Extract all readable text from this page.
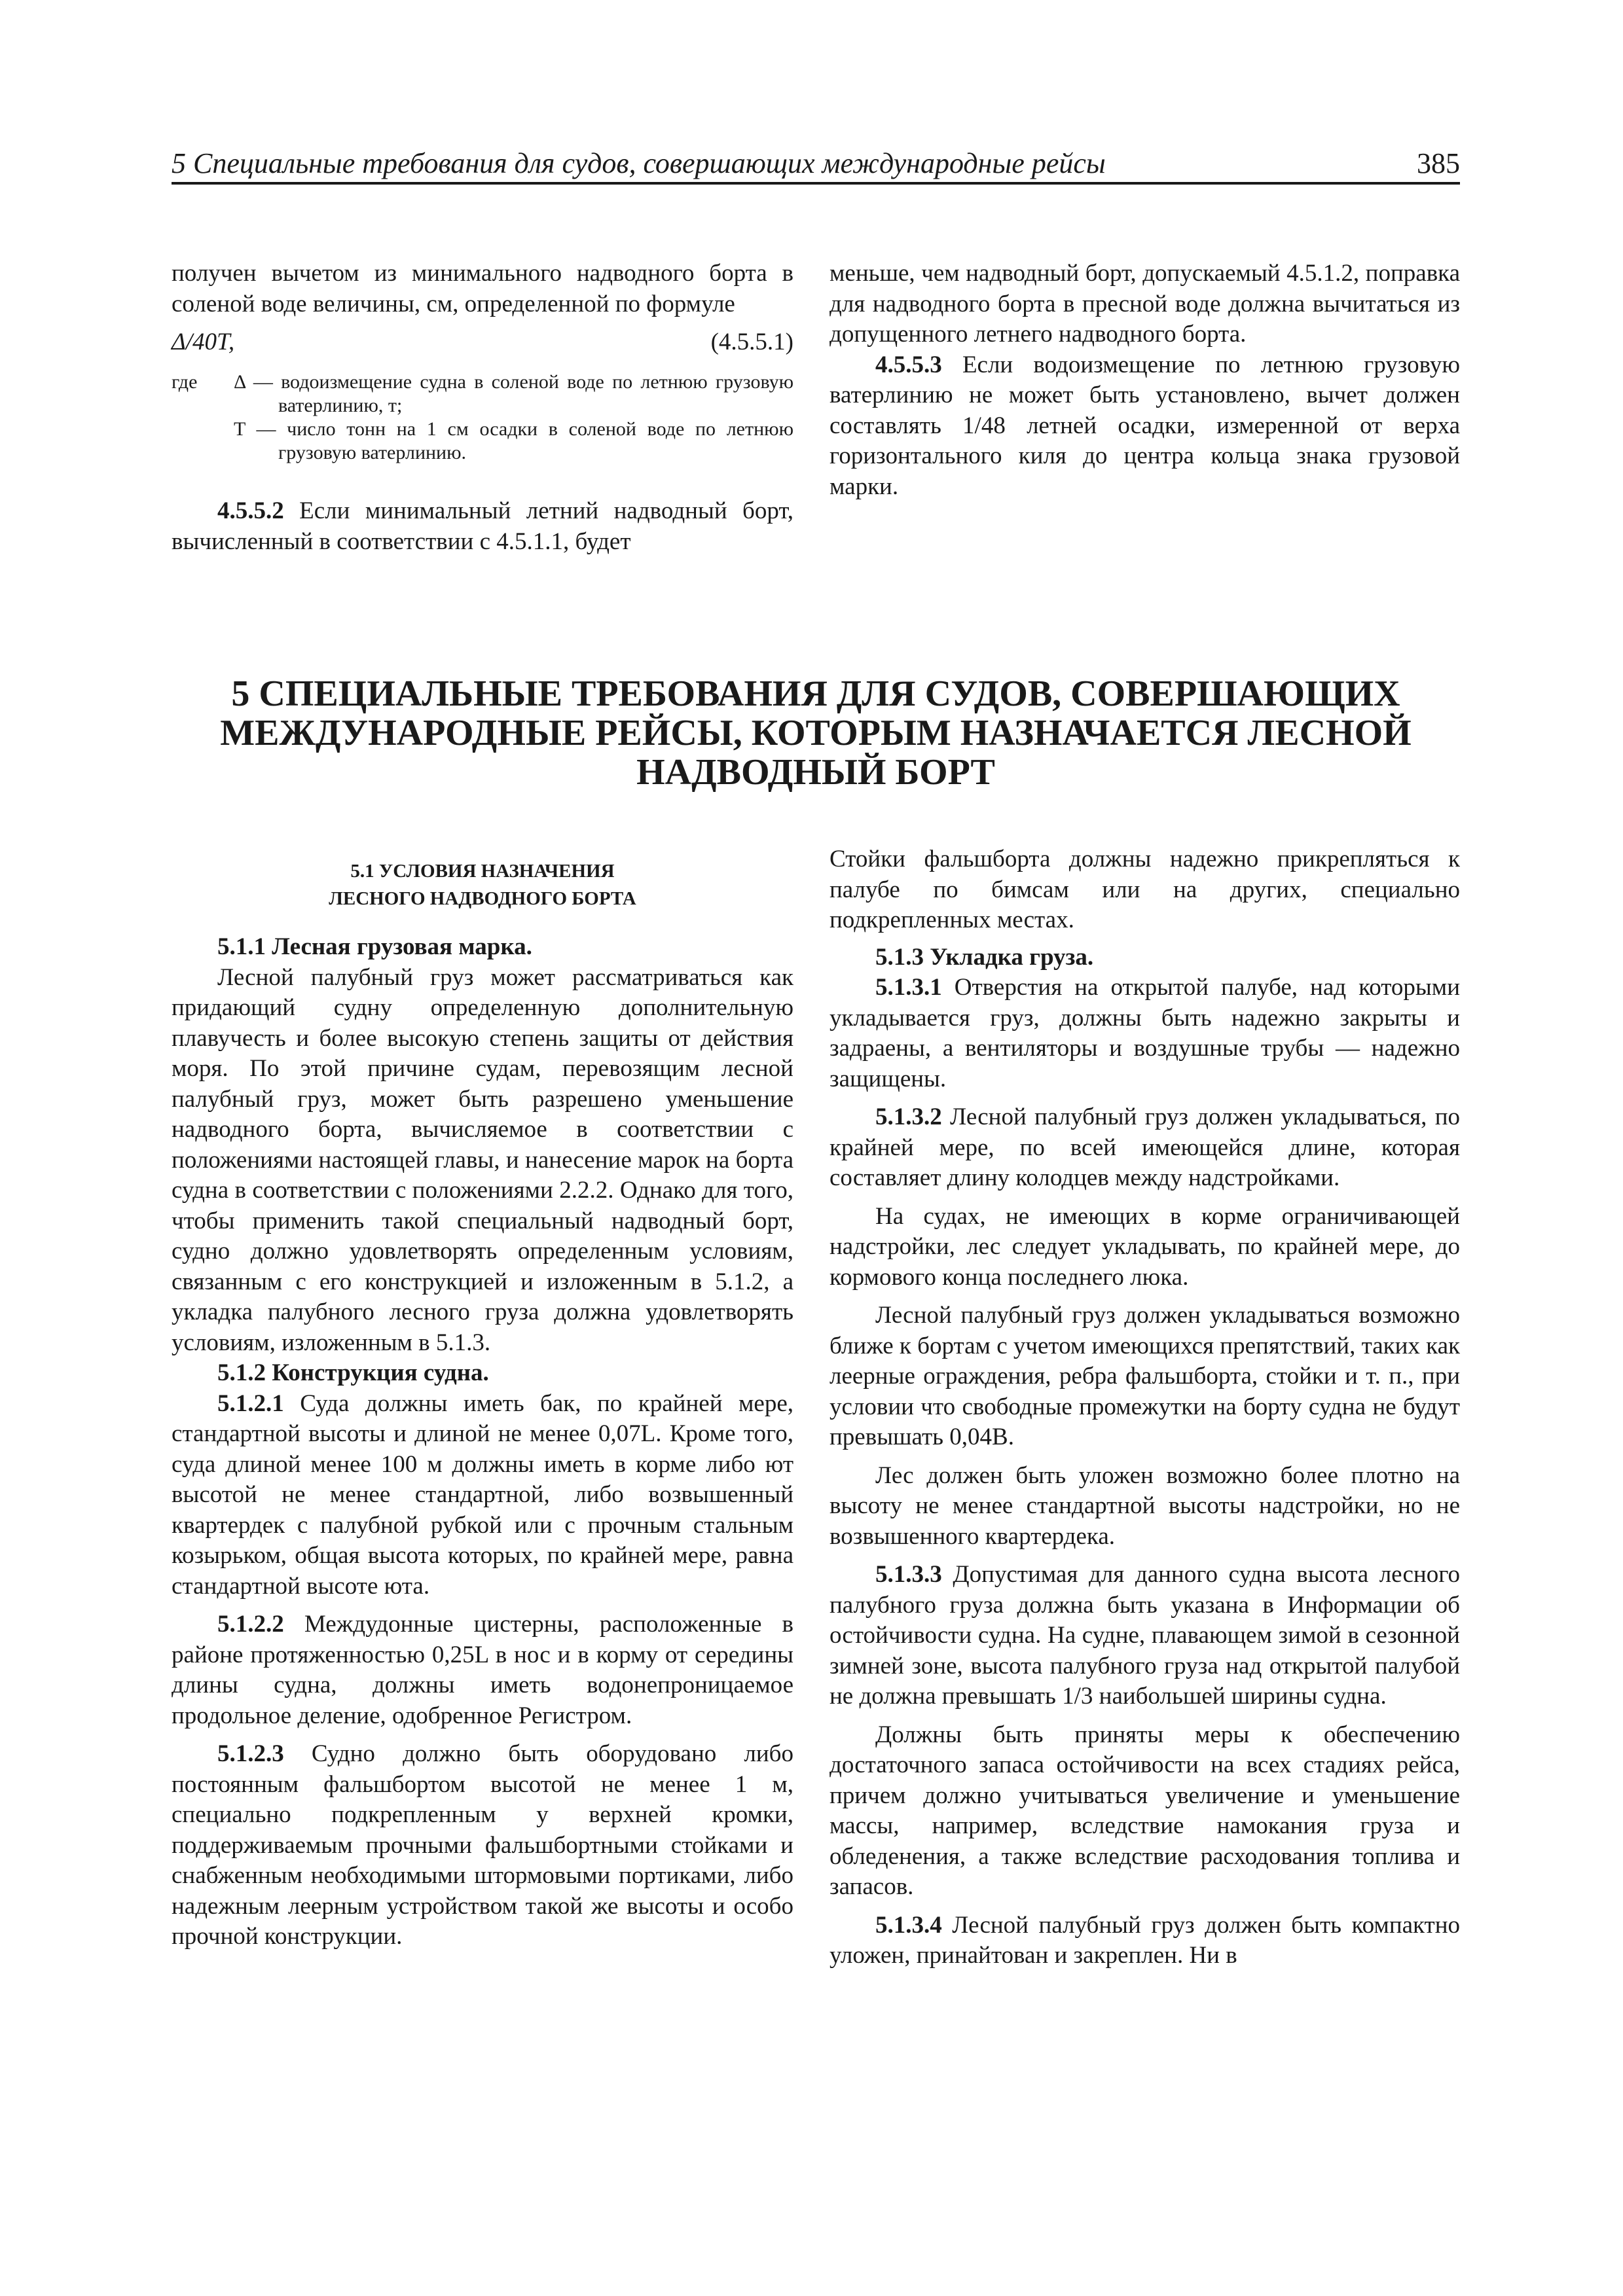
5 Специальные требования для судов, совершающих международные рейсы	385

получен вычетом из минимального надводного борта в соленой воде величины, см, определенной по формуле

Δ/40T,	(4.5.5.1)
где Δ — водоизмещение судна в соленой воде по летнюю грузовую ватерлинию, т;
T — число тонн на 1 см осадки в соленой воде по летнюю грузовую ватерлинию.

4.5.5.2 Если минимальный летний надводный борт, вычисленный в соответствии с 4.5.1.1, будет

меньше, чем надводный борт, допускаемый 4.5.1.2, поправка для надводного борта в пресной воде должна вычитаться из допущенного летнего надводного борта.

4.5.5.3 Если водоизмещение по летнюю грузовую ватерлинию не может быть установлено, вычет должен составлять 1/48 летней осадки, измеренной от верха горизонтального киля до центра кольца знака грузовой марки.

5 СПЕЦИАЛЬНЫЕ ТРЕБОВАНИЯ ДЛЯ СУДОВ, СОВЕРШАЮЩИХ
МЕЖДУНАРОДНЫЕ РЕЙСЫ, КОТОРЫМ НАЗНАЧАЕТСЯ ЛЕСНОЙ
НАДВОДНЫЙ БОРТ
5.1 УСЛОВИЯ НАЗНАЧЕНИЯ
ЛЕСНОГО НАДВОДНОГО БОРТА

5.1.1 Лесная грузовая марка.

Лесной палубный груз может рассматриваться как придающий судну определенную дополнительную плавучесть и более высокую степень защиты от действия моря. По этой причине судам, перевозящим лесной палубный груз, может быть разрешено уменьшение надводного борта, вычисляемое в соответствии с положениями настоящей главы, и нанесение марок на борта судна в соответствии с положениями 2.2.2. Однако для того, чтобы применить такой специальный надводный борт, судно должно удовлетворять определенным условиям, связанным с его конструкцией и изложенным в 5.1.2, а укладка палубного лесного груза должна удовлетворять условиям, изложенным в 5.1.3.

5.1.2 Конструкция судна.

5.1.2.1 Суда должны иметь бак, по крайней мере, стандартной высоты и длиной не менее 0,07L. Кроме того, суда длиной менее 100 м должны иметь в корме либо ют высотой не менее стандартной, либо возвышенный квартердек с палубной рубкой или с прочным стальным козырьком, общая высота которых, по крайней мере, равна стандартной высоте юта.

5.1.2.2 Междудонные цистерны, расположенные в районе протяженностью 0,25L в нос и в корму от середины длины судна, должны иметь водонепроницаемое продольное деление, одобренное Регистром.

5.1.2.3 Судно должно быть оборудовано либо постоянным фальшбортом высотой не менее 1 м, специально подкрепленным у верхней кромки, поддерживаемым прочными фальшбортными стойками и снабженным необходимыми штормовыми портиками, либо надежным леерным устройством такой же высоты и особо прочной конструкции.

Стойки фальшборта должны надежно прикрепляться к палубе по бимсам или на других, специально подкрепленных местах.

5.1.3 Укладка груза.

5.1.3.1 Отверстия на открытой палубе, над которыми укладывается груз, должны быть надежно закрыты и задраены, а вентиляторы и воздушные трубы — надежно защищены.

5.1.3.2 Лесной палубный груз должен укладываться, по крайней мере, по всей имеющейся длине, которая составляет длину колодцев между надстройками.

На судах, не имеющих в корме ограничивающей надстройки, лес следует укладывать, по крайней мере, до кормового конца последнего люка.

Лесной палубный груз должен укладываться возможно ближе к бортам с учетом имеющихся препятствий, таких как леерные ограждения, ребра фальшборта, стойки и т. п., при условии что свободные промежутки на борту судна не будут превышать 0,04B.

Лес должен быть уложен возможно более плотно на высоту не менее стандартной высоты надстройки, но не возвышенного квартердека.

5.1.3.3 Допустимая для данного судна высота лесного палубного груза должна быть указана в Информации об остойчивости судна. На судне, плавающем зимой в сезонной зимней зоне, высота палубного груза над открытой палубой не должна превышать 1/3 наибольшей ширины судна.

Должны быть приняты меры к обеспечению достаточного запаса остойчивости на всех стадиях рейса, причем должно учитываться увеличение и уменьшение массы, например, вследствие намокания груза и обледенения, а также вследствие расходования топлива и запасов.

5.1.3.4 Лесной палубный груз должен быть компактно уложен, принайтован и закреплен. Ни в
